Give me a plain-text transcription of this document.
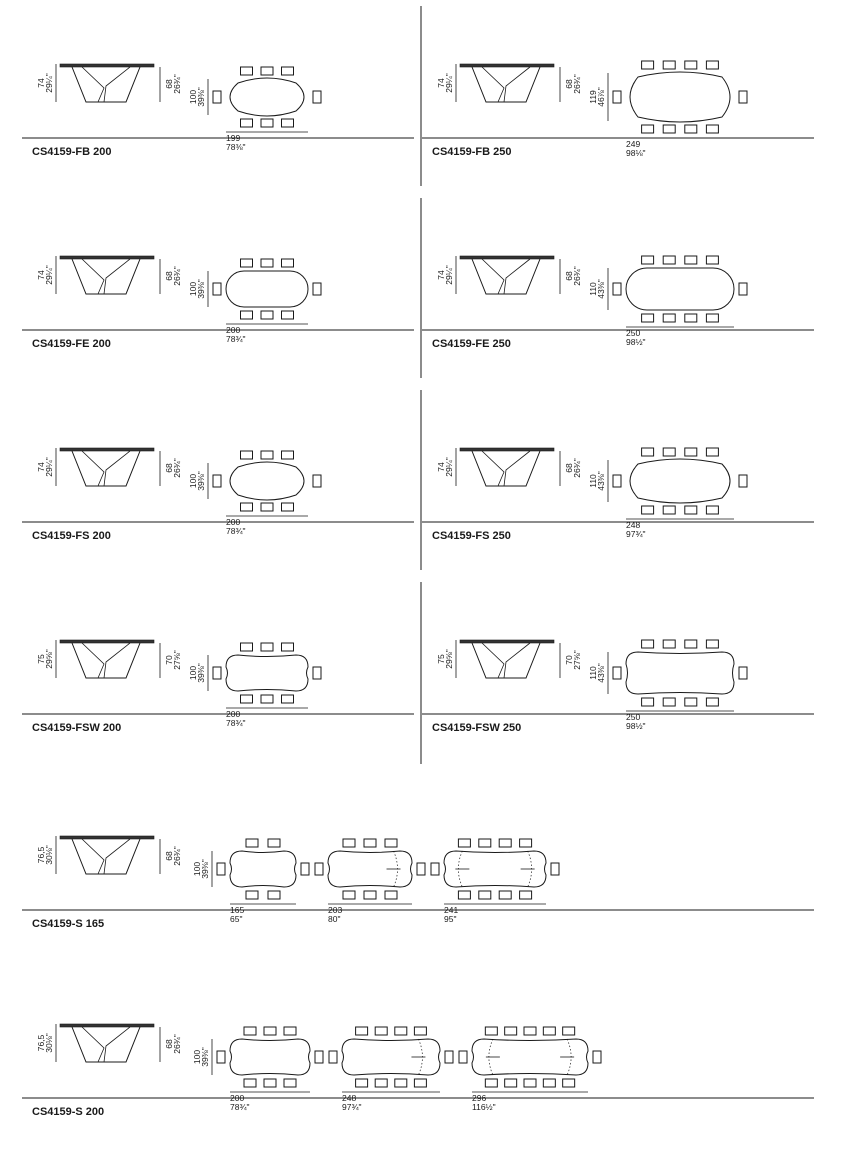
74
29¼"	68
26¾"
100
39⅜"
199
78⅜"
CS4159-FB 200
74
29¼"	68
26¾"
119
46⅞"
249
98⅛"
CS4159-FB 250
74
29¼"	68
26¾"
100
39⅜"
200
78¾"
CS4159-FE 200
74
29¼"	68
26¾"
110
43⅜"
250
98½"
CS4159-FE 250
74
29¼"	68
26¾"
100
39⅜"
200
78¾"
CS4159-FS 200
74
29¼"	68
26¾"
110
43⅜"
248
97¾"
CS4159-FS 250
75
29⅝"	70
27⅝"
100
39⅜"
200
78¾"
CS4159-FSW 200
75
29⅝"	70
27⅝"
110
43⅜"
250
98½"
CS4159-FSW 250
76,5
30⅛"	68
26¾"
100
39⅜"
165
65"
203
80"
241
95"
CS4159-S 165
76,5
30⅛"	68
26¾"
100
39⅜"
200
78¾"
248
97¾"
296
116½"
CS4159-S 200
